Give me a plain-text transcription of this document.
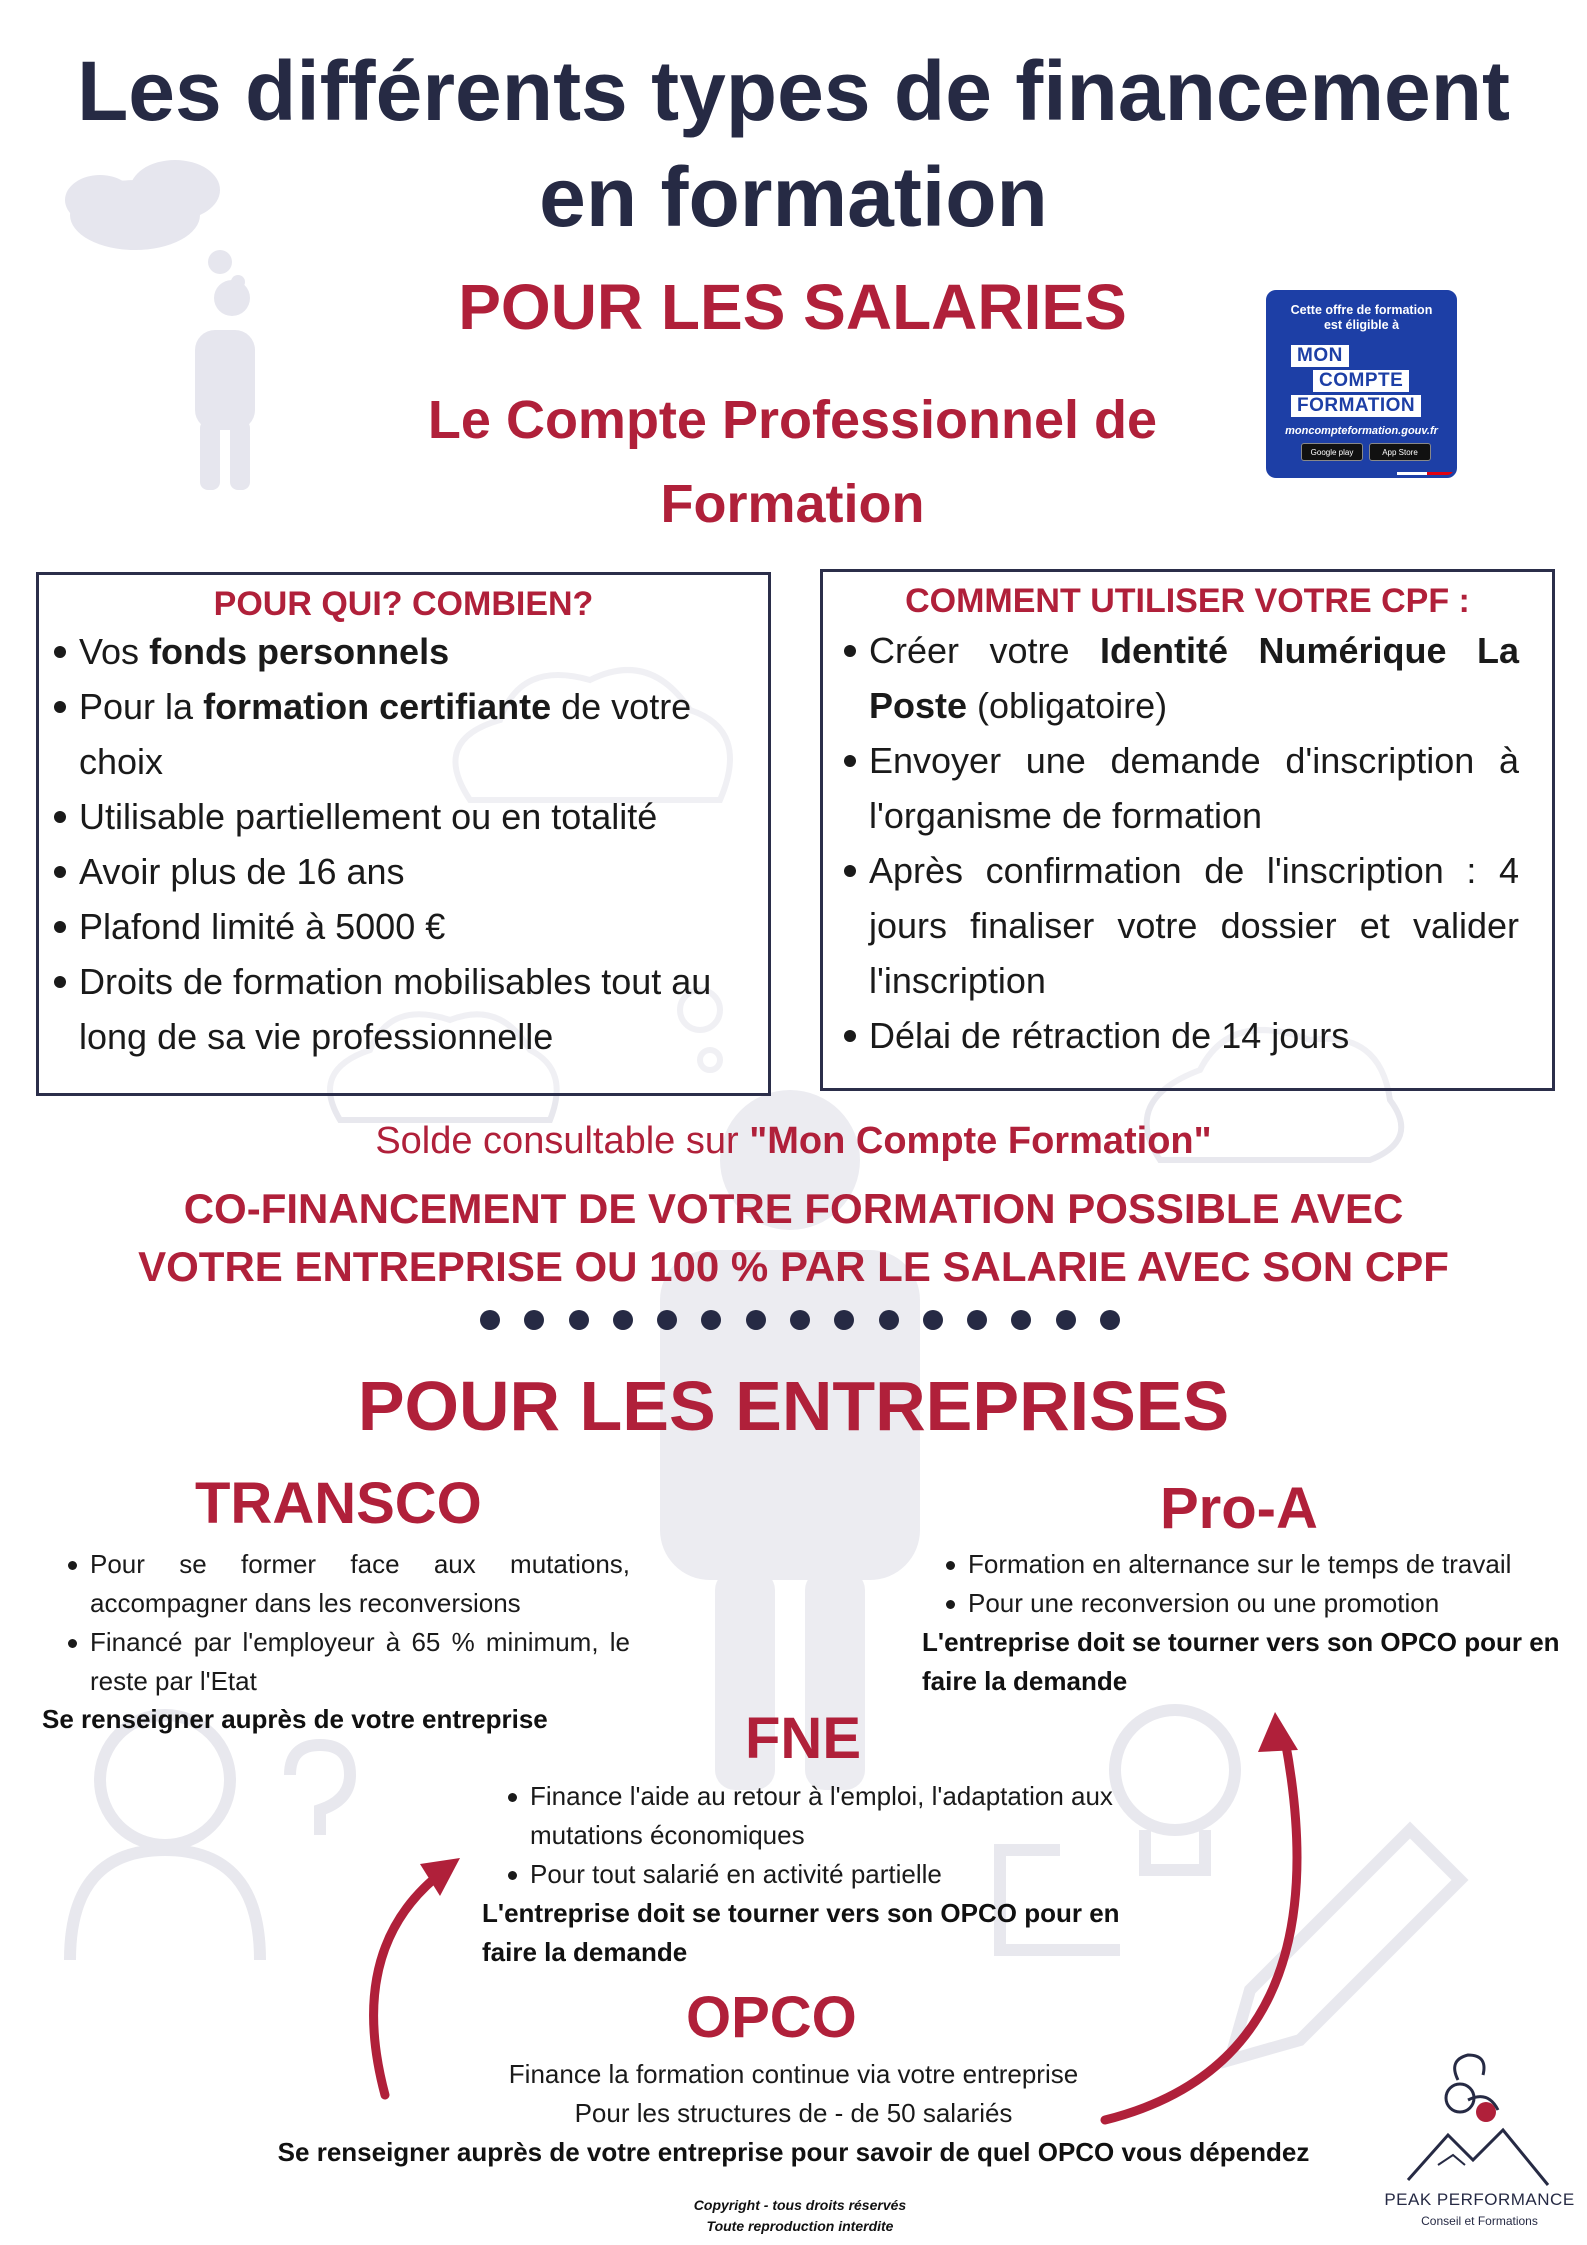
Les différents types de financement
en formation
POUR LES SALARIES
Le Compte Professionnel de
Formation
Cette offre de formation
est éligible à
MON
COMPTE
FORMATION
moncompteformation.gouv.fr
Google play	App Store
POUR QUI? COMBIEN?
Vos fonds personnels
Pour la formation certifiante de votre choix
Utilisable partiellement ou en totalité
Avoir plus de 16 ans
Plafond limité à 5000 €
Droits de formation mobilisables tout au long de sa vie professionnelle
COMMENT UTILISER VOTRE CPF :
Créer votre Identité Numérique La Poste (obligatoire)
Envoyer une demande d'inscription à l'organisme de formation
Après confirmation de l'inscription : 4 jours finaliser votre dossier et valider l'inscription
Délai de rétraction de 14 jours
Solde consultable sur "Mon Compte Formation"
CO-FINANCEMENT DE VOTRE FORMATION POSSIBLE AVEC
VOTRE ENTREPRISE OU 100 % PAR LE SALARIE AVEC SON CPF
POUR LES ENTREPRISES
TRANSCO
Pour se former face aux mutations, accompagner dans les reconversions
Financé par l'employeur à 65 % minimum, le reste par l'Etat
Se renseigner auprès de votre entreprise
Pro-A
Formation en alternance sur le temps de travail
Pour une reconversion ou une promotion
L'entreprise doit se tourner vers son OPCO pour en faire la demande
FNE
Finance l'aide au retour à l'emploi, l'adaptation aux mutations économiques
Pour tout salarié en activité partielle
L'entreprise doit se tourner vers son OPCO pour en faire la demande
OPCO
Finance la formation continue via votre entreprise
Pour les structures de - de 50 salariés
Se renseigner auprès de votre entreprise pour savoir de quel OPCO vous dépendez
Copyright - tous droits réservés
Toute reproduction interdite
PEAK PERFORMANCE
Conseil et Formations
